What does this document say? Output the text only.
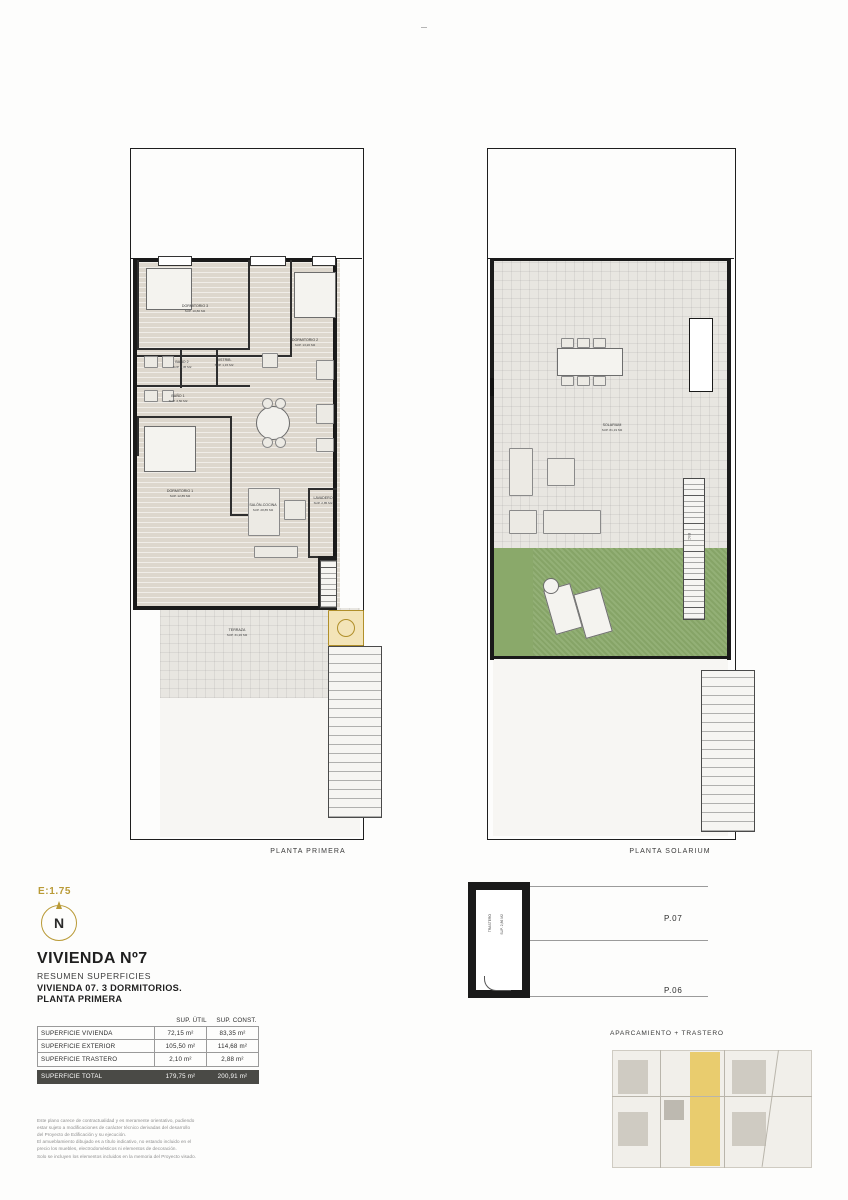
DORMITORIO 3
SUP. 10,80 M2
DORMITORIO 2
SUP. 13,20 M2
BAÑO 2
SUP. 3,45 M2
DISTRIB.
SUP. 1,15 M2
BAÑO 1
SUP. 3,50 M2
DORMITORIO 1
SUP. 12,85 M2
SALÓN-COCINA
SUP. 28,85 M2
LAVADERO
SUP. 2,85 M2
TERRAZA
SUP. 31,26 M2
PLANTA PRIMERA
ESC.
SOLARIUM
SUP. 81,19 M2
PLANTA SOLARIUM
E:1.75
N
VIVIENDA Nº7
RESUMEN SUPERFICIES
VIVIENDA 07. 3 DORMITORIOS.
PLANTA PRIMERA
SUP. ÚTIL	SUP. CONST.
SUPERFICIE VIVIENDA	72,15 m²	83,35 m²
SUPERFICIE EXTERIOR	105,50 m²	114,68 m²
SUPERFICIE TRASTERO	2,10 m²	2,88 m²

SUPERFICIE TOTAL	179,75 m²	200,91 m²
Este plano carece de contractualidad y es meramente orientativo, pudiendo
estar sujeto a modificaciones de carácter técnico derivadas del desarrollo
del Proyecto de Edificación y su ejecución.
El amueblamiento dibujado es a título indicativo, no estando incluido en el
precio los muebles, electrodomésticos ni elementos de decoración.
Solo se incluyen los elementos incluidos en la memoria del Proyecto visado.
TRASTERO	SUP. 2,86 M2	P.07
P.06
APARCAMIENTO + TRASTERO
